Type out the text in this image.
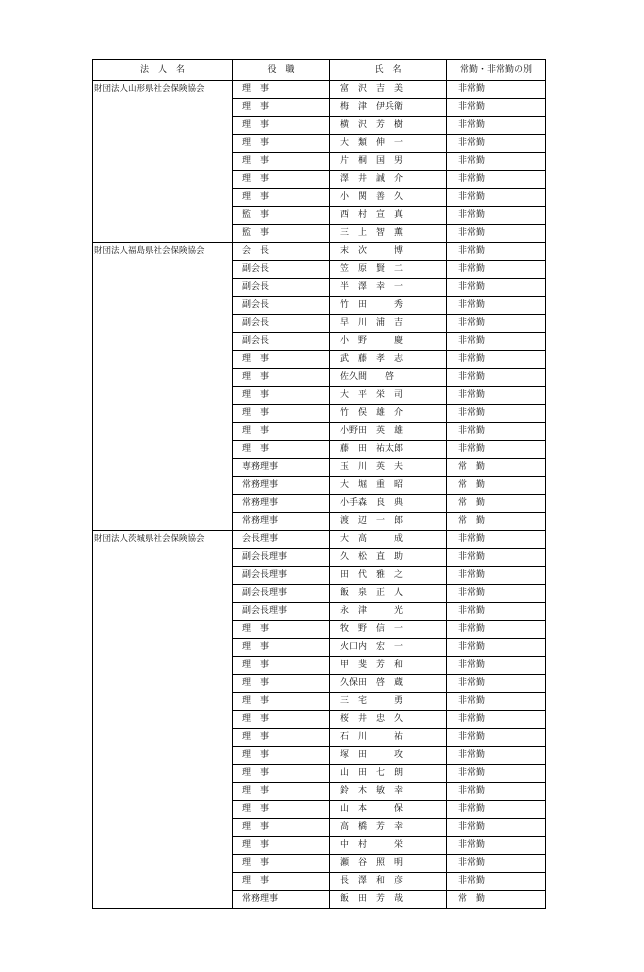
法　人　名	役　職	氏　名	常勤・非常勤の別
財団法人山形県社会保険協会	理　事	富　沢　吉　美	非常勤
	理　事	梅　津　伊兵衛	非常勤
	理　事	横　沢　芳　樹	非常勤
	理　事	大　類　伸　一	非常勤
	理　事	片　桐　国　男	非常勤
	理　事	澤　井　誠　介	非常勤
	理　事	小　関　善　久	非常勤
	監　事	西　村　宣　真	非常勤
	監　事	三　上　智　薫	非常勤
財団法人福島県社会保険協会	会　長	末　次　　　博	非常勤
	副会長	笠　原　賢　二	非常勤
	副会長	半　澤　幸　一	非常勤
	副会長	竹　田　　　秀	非常勤
	副会長	早　川　浦　吉	非常勤
	副会長	小　野　　　慶	非常勤
	理　事	武　藤　孝　志	非常勤
	理　事	佐久間　　啓	非常勤
	理　事	大　平　栄　司	非常勤
	理　事	竹　俣　雄　介	非常勤
	理　事	小野田　英　雄	非常勤
	理　事	藤　田　祐太郎	非常勤
	専務理事	玉　川　英　夫	常　勤
	常務理事	大　堀　重　昭	常　勤
	常務理事	小手森　良　典	常　勤
	常務理事	渡　辺　一　郎	常　勤
財団法人茨城県社会保険協会	会長理事	大　高　　　成	非常勤
	副会長理事	久　松　直　助	非常勤
	副会長理事	田　代　雅　之	非常勤
	副会長理事	飯　泉　正　人	非常勤
	副会長理事	永　津　　　光	非常勤
	理　事	牧　野　信　一	非常勤
	理　事	火口内　宏　一	非常勤
	理　事	甲　斐　芳　和	非常勤
	理　事	久保田　啓　蔵	非常勤
	理　事	三　宅　　　勇	非常勤
	理　事	桜　井　忠　久	非常勤
	理　事	石　川　　　祐	非常勤
	理　事	塚　田　　　攻	非常勤
	理　事	山　田　七　朗	非常勤
	理　事	鈴　木　敏　幸	非常勤
	理　事	山　本　　　保	非常勤
	理　事	高　橋　芳　幸	非常勤
	理　事	中　村　　　栄	非常勤
	理　事	瀬　谷　照　明	非常勤
	理　事	長　澤　和　彦	非常勤
	常務理事	飯　田　芳　哉	常　勤
